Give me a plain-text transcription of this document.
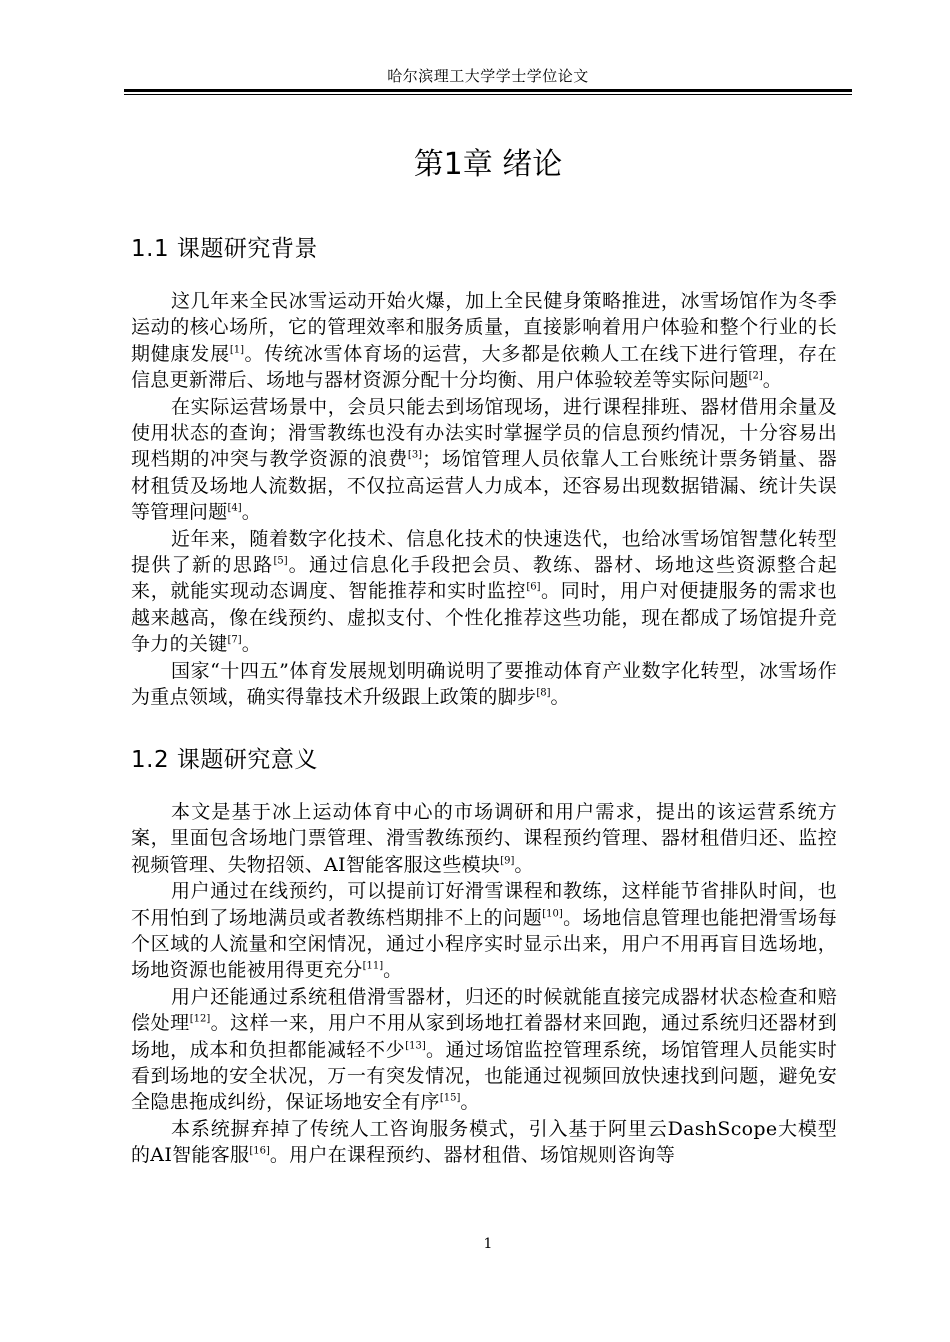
哈尔滨理工大学学士学位论文
第1章 绪论
1.1 课题研究背景

这几年来全民冰雪运动开始火爆，加上全民健身策略推进，冰雪场馆作为冬季运动的核心场所，它的管理效率和服务质量，直接影响着用户体验和整个行业的长期健康发展[1]。传统冰雪体育场的运营，大多都是依赖人工在线下进行管理，存在信息更新滞后、场地与器材资源分配十分均衡、用户体验较差等实际问题[2]。

在实际运营场景中，会员只能去到场馆现场，进行课程排班、器材借用余量及使用状态的查询；滑雪教练也没有办法实时掌握学员的信息预约情况，十分容易出现档期的冲突与教学资源的浪费[3]；场馆管理人员依靠人工台账统计票务销量、器材租赁及场地人流数据，不仅拉高运营人力成本，还容易出现数据错漏、统计失误等管理问题[4]。

近年来，随着数字化技术、信息化技术的快速迭代，也给冰雪场馆智慧化转型提供了新的思路[5]。通过信息化手段把会员、教练、器材、场地这些资源整合起来，就能实现动态调度、智能推荐和实时监控[6]。同时，用户对便捷服务的需求也越来越高，像在线预约、虚拟支付、个性化推荐这些功能，现在都成了场馆提升竞争力的关键[7]。

国家“十四五”体育发展规划明确说明了要推动体育产业数字化转型，冰雪场作为重点领域，确实得靠技术升级跟上政策的脚步[8]。

1.2 课题研究意义

本文是基于冰上运动体育中心的市场调研和用户需求，提出的该运营系统方案，里面包含场地门票管理、滑雪教练预约、课程预约管理、器材租借归还、监控视频管理、失物招领、AI智能客服这些模块[9]。

用户通过在线预约，可以提前订好滑雪课程和教练，这样能节省排队时间，也不用怕到了场地满员或者教练档期排不上的问题[10]。场地信息管理也能把滑雪场每个区域的人流量和空闲情况，通过小程序实时显示出来，用户不用再盲目选场地，场地资源也能被用得更充分[11]。

用户还能通过系统租借滑雪器材，归还的时候就能直接完成器材状态检查和赔偿处理[12]。这样一来，用户不用从家到场地扛着器材来回跑，通过系统归还器材到场地，成本和负担都能减轻不少[13]。通过场馆监控管理系统，场馆管理人员能实时看到场地的安全状况，万一有突发情况，也能通过视频回放快速找到问题，避免安全隐患拖成纠纷，保证场地安全有序[15]。

本系统摒弃掉了传统人工咨询服务模式，引入基于阿里云DashScope大模型的AI智能客服[16]。用户在课程预约、器材租借、场馆规则咨询等

1
